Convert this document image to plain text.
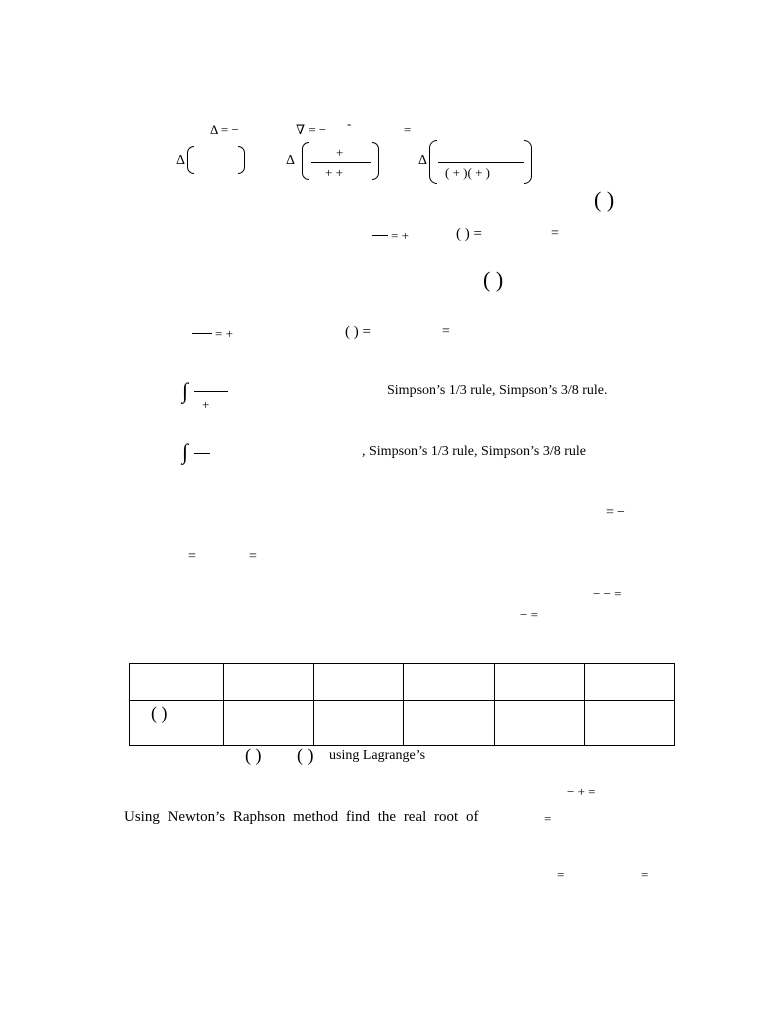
Δ = −	∇ = − -	=
Δ	Δ
+
+ +
Δ
( + )( + )
( )
= +	( ) =	=
( )
= +	( ) =	=
∫
+
Simpson’s 1/3 rule, Simpson’s 3/8 rule.
∫	, Simpson’s 1/3 rule, Simpson’s 3/8 rule
= −
=	=
− − =
− =

( )					

( ) ( ) using Lagrange’s
− + =
Using Newton’s Raphson method find the real root of	=
=	=
